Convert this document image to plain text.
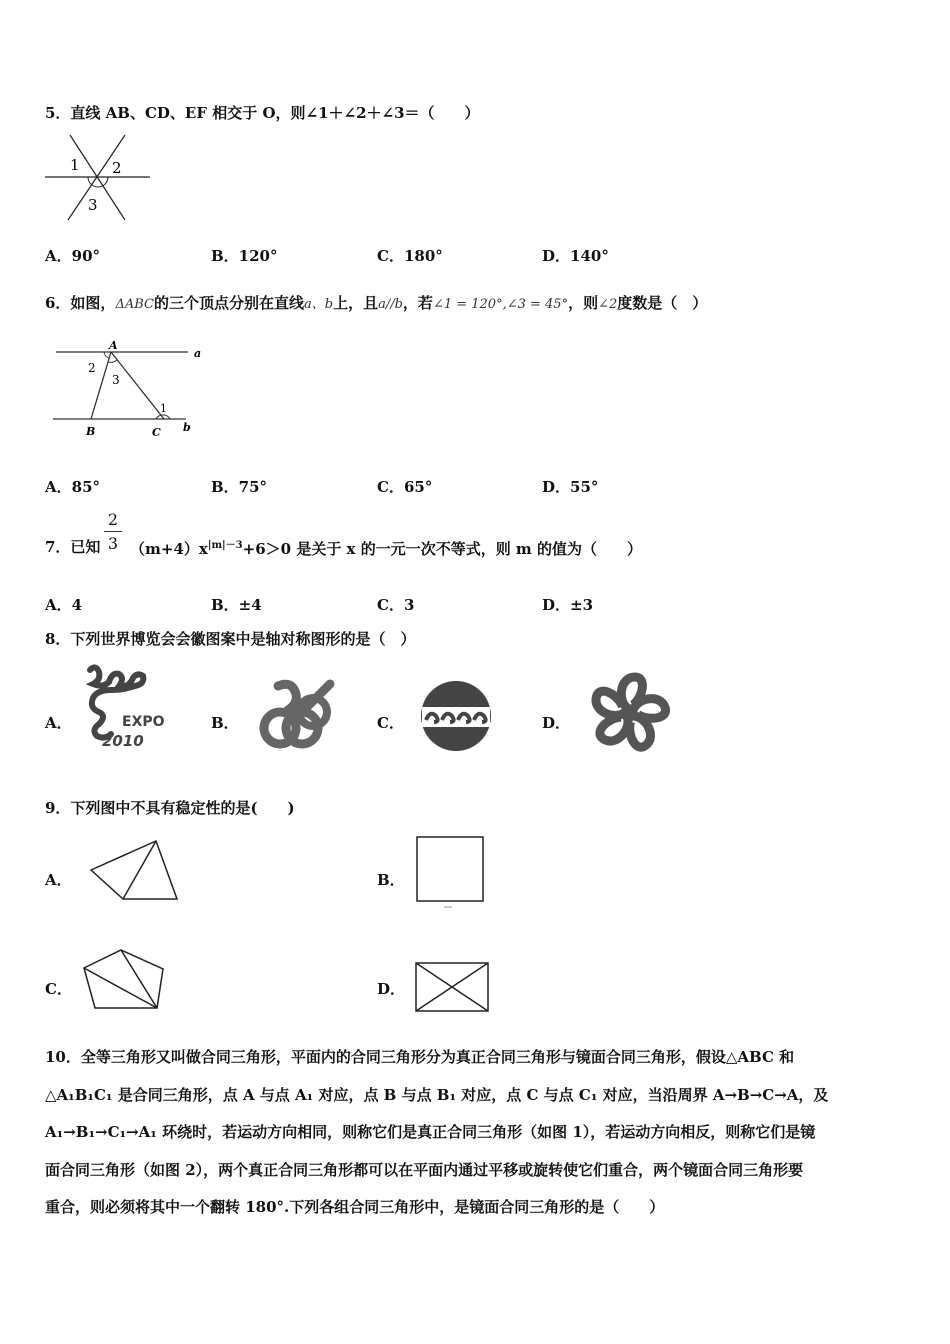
5．直线 AB、CD、EF 相交于 O，则∠1＋∠2＋∠3＝（　　）
1 2
3
A．90°	B．120°	C．180°	D．140°
6．如图，ΔABC的三个顶点分别在直线a、b上，且a//b，若∠1 = 120°,∠3 = 45°，则∠2度数是（　）
A
a
2
3
1
B	C b
A．85°	B．75°	C．65°	D．55°
7．已知
2
3 $(m+4)x^{|m|-3}+6>0$ 是关于 x 的一元一次不等式，则 m 的值为（　　）
A．4	B．±4	C．3	D．±3
8．下列世界博览会会徽图案中是轴对称图形的是（　）
A．	EXPO
2010
B．	C．	D．
9．下列图中不具有稳定性的是(　　)
A．	B．
C．	D．
10．全等三角形又叫做合同三角形，平面内的合同三角形分为真正合同三角形与镜面合同三角形，假设△ABC 和
△A₁B₁C₁ 是合同三角形，点 A 与点 A₁ 对应，点 B 与点 B₁ 对应，点 C 与点 C₁ 对应，当沿周界 A→B→C→A，及
A₁→B₁→C₁→A₁ 环绕时，若运动方向相同，则称它们是真正合同三角形（如图 1），若运动方向相反，则称它们是镜
面合同三角形（如图 2），两个真正合同三角形都可以在平面内通过平移或旋转使它们重合，两个镜面合同三角形要
重合，则必须将其中一个翻转 180°.下列各组合同三角形中，是镜面合同三角形的是（　　）
